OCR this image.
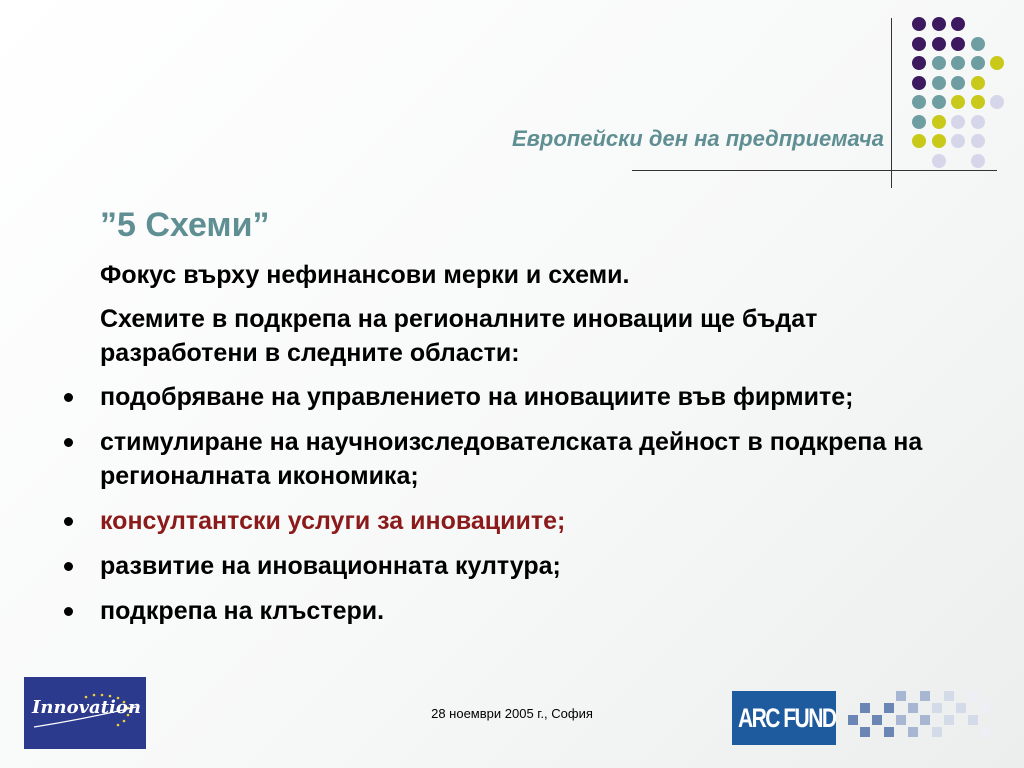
Европейски ден на предприемача
”5 Схеми”

Фокус върху нефинансови мерки и схеми.

Схемите в подкрепа на регионалните иновации ще бъдат разработени в следните области:

подобряване на управлението на иновациите във фирмите;
стимулиране на научноизследователската дейност в подкрепа на регионалната икономика;
консултантски услуги за иновациите;
развитие на иновационната култура;
подкрепа на клъстери.
Innovation	28 ноември 2005 г., София	ARC FUND
